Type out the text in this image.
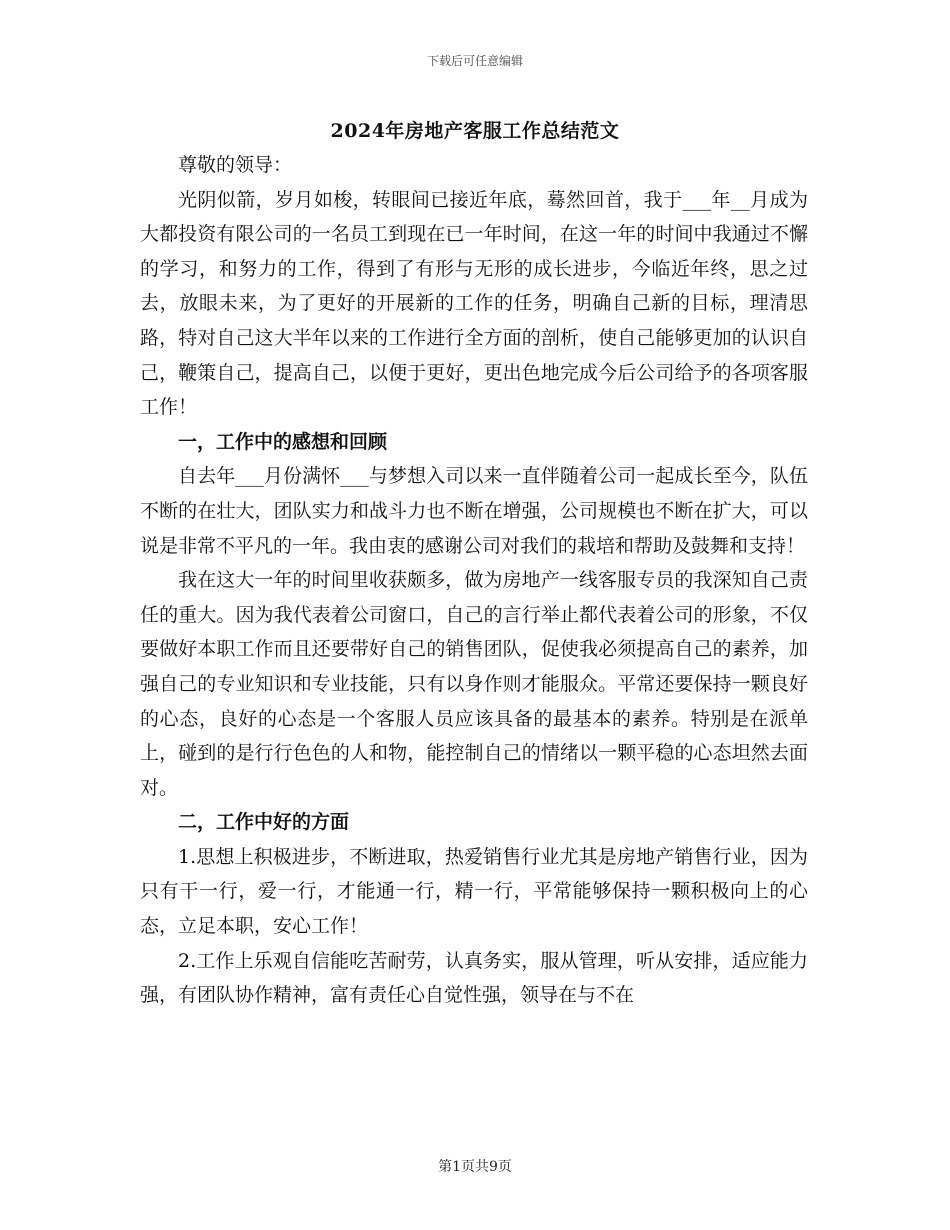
下载后可任意编辑
2024年房地产客服工作总结范文

尊敬的领导：

光阴似箭，岁月如梭，转眼间已接近年底，蓦然回首，我于___年__月成为大都投资有限公司的一名员工到现在已一年时间，在这一年的时间中我通过不懈的学习，和努力的工作，得到了有形与无形的成长进步，今临近年终，思之过去，放眼未来，为了更好的开展新的工作的任务，明确自己新的目标，理清思路，特对自己这大半年以来的工作进行全方面的剖析，使自己能够更加的认识自己，鞭策自己，提高自己，以便于更好，更出色地完成今后公司给予的各项客服工作！

一，工作中的感想和回顾

自去年___月份满怀___与梦想入司以来一直伴随着公司一起成长至今，队伍不断的在壮大，团队实力和战斗力也不断在增强，公司规模也不断在扩大，可以说是非常不平凡的一年。我由衷的感谢公司对我们的栽培和帮助及鼓舞和支持！

我在这大一年的时间里收获颇多，做为房地产一线客服专员的我深知自己责任的重大。因为我代表着公司窗口，自己的言行举止都代表着公司的形象，不仅要做好本职工作而且还要带好自己的销售团队，促使我必须提高自己的素养，加强自己的专业知识和专业技能，只有以身作则才能服众。平常还要保持一颗良好的心态，良好的心态是一个客服人员应该具备的最基本的素养。特别是在派单上，碰到的是行行色色的人和物，能控制自己的情绪以一颗平稳的心态坦然去面对。

二，工作中好的方面

1.思想上积极进步，不断进取，热爱销售行业尤其是房地产销售行业，因为只有干一行，爱一行，才能通一行，精一行，平常能够保持一颗积极向上的心态，立足本职，安心工作！

2.工作上乐观自信能吃苦耐劳，认真务实，服从管理，听从安排，适应能力强，有团队协作精神，富有责任心自觉性强，领导在与不在

第1页共9页
